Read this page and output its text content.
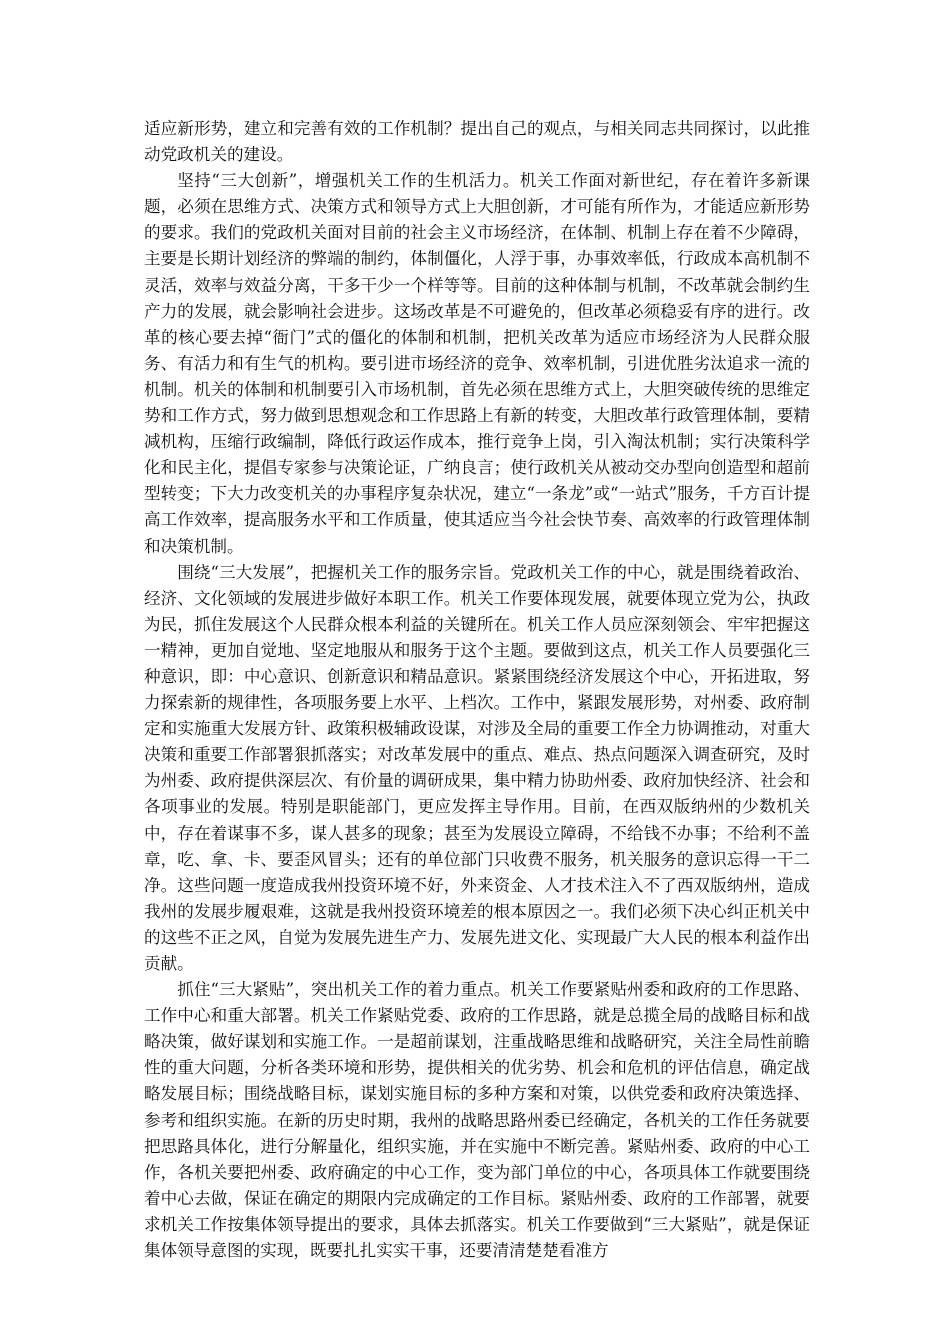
适应新形势，建立和完善有效的工作机制？提出自己的观点，与相关同志共同探讨，以此推动党政机关的建设。

坚持“三大创新”，增强机关工作的生机活力。机关工作面对新世纪，存在着许多新课题，必须在思维方式、决策方式和领导方式上大胆创新，才可能有所作为，才能适应新形势的要求。我们的党政机关面对目前的社会主义市场经济，在体制、机制上存在着不少障碍，主要是长期计划经济的弊端的制约，体制僵化，人浮于事，办事效率低，行政成本高机制不灵活，效率与效益分离，干多干少一个样等等。目前的这种体制与机制，不改革就会制约生产力的发展，就会影响社会进步。这场改革是不可避免的，但改革必须稳妥有序的进行。改革的核心要去掉“衙门”式的僵化的体制和机制，把机关改革为适应市场经济为人民群众服务、有活力和有生气的机构。要引进市场经济的竞争、效率机制，引进优胜劣汰追求一流的机制。机关的体制和机制要引入市场机制，首先必须在思维方式上，大胆突破传统的思维定势和工作方式，努力做到思想观念和工作思路上有新的转变，大胆改革行政管理体制，要精减机构，压缩行政编制，降低行政运作成本，推行竞争上岗，引入淘汰机制；实行决策科学化和民主化，提倡专家参与决策论证，广纳良言；使行政机关从被动交办型向创造型和超前型转变；下大力改变机关的办事程序复杂状况，建立“一条龙”或“一站式”服务，千方百计提高工作效率，提高服务水平和工作质量，使其适应当今社会快节奏、高效率的行政管理体制和决策机制。

围绕“三大发展”，把握机关工作的服务宗旨。党政机关工作的中心，就是围绕着政治、经济、文化领域的发展进步做好本职工作。机关工作要体现发展，就要体现立党为公，执政为民，抓住发展这个人民群众根本利益的关键所在。机关工作人员应深刻领会、牢牢把握这一精神，更加自觉地、坚定地服从和服务于这个主题。要做到这点，机关工作人员要强化三种意识，即：中心意识、创新意识和精品意识。紧紧围绕经济发展这个中心，开拓进取，努力探索新的规律性，各项服务要上水平、上档次。工作中，紧跟发展形势，对州委、政府制定和实施重大发展方针、政策积极辅政设谋，对涉及全局的重要工作全力协调推动，对重大决策和重要工作部署狠抓落实；对改革发展中的重点、难点、热点问题深入调查研究，及时为州委、政府提供深层次、有价量的调研成果，集中精力协助州委、政府加快经济、社会和各项事业的发展。特别是职能部门，更应发挥主导作用。目前，在西双版纳州的少数机关中，存在着谋事不多，谋人甚多的现象；甚至为发展设立障碍，不给钱不办事；不给利不盖章，吃、拿、卡、要歪风冒头；还有的单位部门只收费不服务，机关服务的意识忘得一干二净。这些问题一度造成我州投资环境不好，外来资金、人才技术注入不了西双版纳州，造成我州的发展步履艰难，这就是我州投资环境差的根本原因之一。我们必须下决心纠正机关中的这些不正之风，自觉为发展先进生产力、发展先进文化、实现最广大人民的根本利益作出贡献。

抓住“三大紧贴”，突出机关工作的着力重点。机关工作要紧贴州委和政府的工作思路、工作中心和重大部署。机关工作紧贴党委、政府的工作思路，就是总揽全局的战略目标和战略决策，做好谋划和实施工作。一是超前谋划，注重战略思维和战略研究，关注全局性前瞻性的重大问题，分析各类环境和形势，提供相关的优劣势、机会和危机的评估信息，确定战略发展目标；围绕战略目标，谋划实施目标的多种方案和对策，以供党委和政府决策选择、参考和组织实施。在新的历史时期，我州的战略思路州委已经确定，各机关的工作任务就要把思路具体化，进行分解量化，组织实施，并在实施中不断完善。紧贴州委、政府的中心工作，各机关要把州委、政府确定的中心工作，变为部门单位的中心，各项具体工作就要围绕着中心去做，保证在确定的期限内完成确定的工作目标。紧贴州委、政府的工作部署，就要求机关工作按集体领导提出的要求，具体去抓落实。机关工作要做到“三大紧贴”，就是保证集体领导意图的实现，既要扎扎实实干事，还要清清楚楚看准方
